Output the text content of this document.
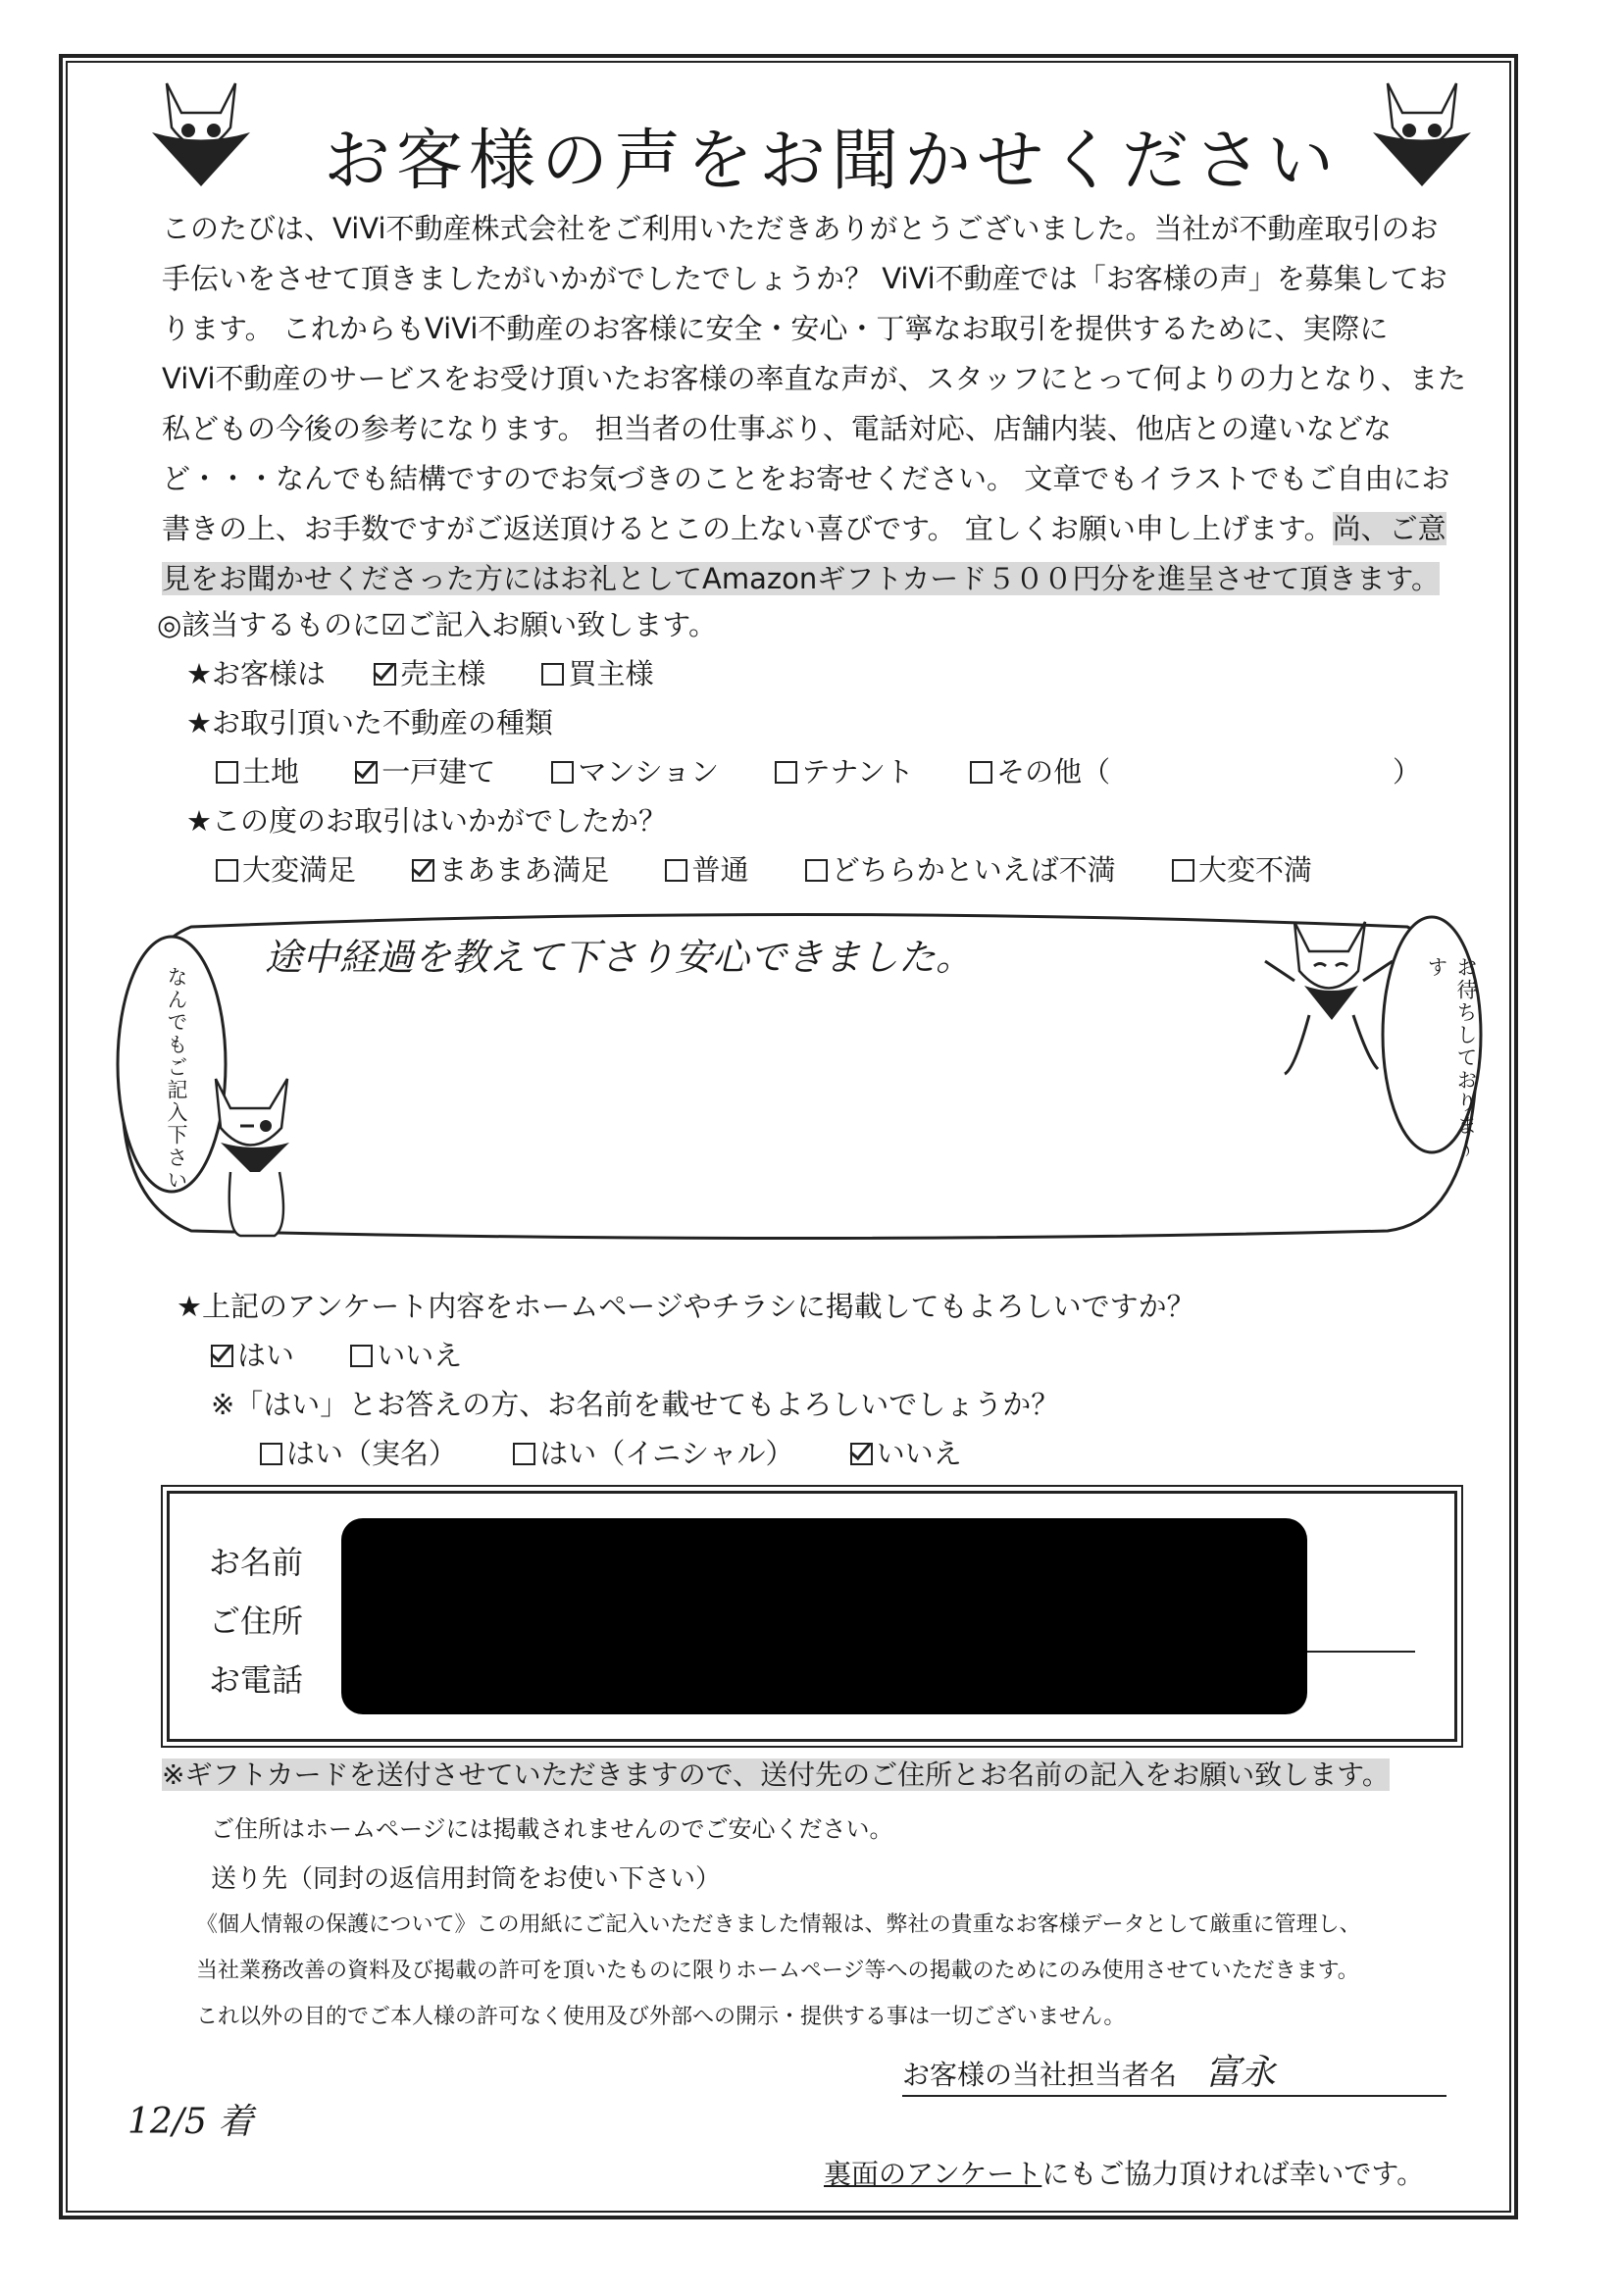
お客様の声をお聞かせください

このたびは、ViVi不動産株式会社をご利用いただきありがとうございました。当社が不動産取引のお

手伝いをさせて頂きましたがいかがでしたでしょうか？ ViVi不動産では「お客様の声」を募集してお

ります。 これからもViVi不動産のお客様に安全・安心・丁寧なお取引を提供するために、実際に

ViVi不動産のサービスをお受け頂いたお客様の率直な声が、スタッフにとって何よりの力となり、また

私どもの今後の参考になります。 担当者の仕事ぶり、電話対応、店舗内装、他店との違いなどな

ど・・・なんでも結構ですのでお気づきのことをお寄せください。 文章でもイラストでもご自由にお

書きの上、お手数ですがご返送頂けるとこの上ない喜びです。 宜しくお願い申し上げます。尚、ご意

見をお聞かせくださった方にはお礼としてAmazonギフトカード５００円分を進呈させて頂きます。

◎該当するものに☑ご記入お願い致します。
★お客様は	売主様	買主様
★お取引頂いた不動産の種類
土地	一戸建て	マンション	テナント	その他（	）
★この度のお取引はいかがでしたか？
大変満足	まあまあ満足	普通	どちらかといえば不満	大変不満
途中経過を教えて下さり安心できました。
なんでもご記入下さい	お待ちしておりま～す
★上記のアンケート内容をホームページやチラシに掲載してもよろしいですか？
はい	いいえ
※「はい」とお答えの方、お名前を載せてもよろしいでしょうか？
はい（実名）	はい（イニシャル）	いいえ
お名前
ご住所
お電話
※ギフトカードを送付させていただきますので、送付先のご住所とお名前の記入をお願い致します。
ご住所はホームページには掲載されませんのでご安心ください。
送り先（同封の返信用封筒をお使い下さい）
《個人情報の保護について》この用紙にご記入いただきました情報は、弊社の貴重なお客様データとして厳重に管理し、
当社業務改善の資料及び掲載の許可を頂いたものに限りホームページ等への掲載のためにのみ使用させていただきます。
これ以外の目的でご本人様の許可なく使用及び外部への開示・提供する事は一切ございません。
お客様の当社担当者名 富永
12/5 着
裏面のアンケートにもご協力頂ければ幸いです。
